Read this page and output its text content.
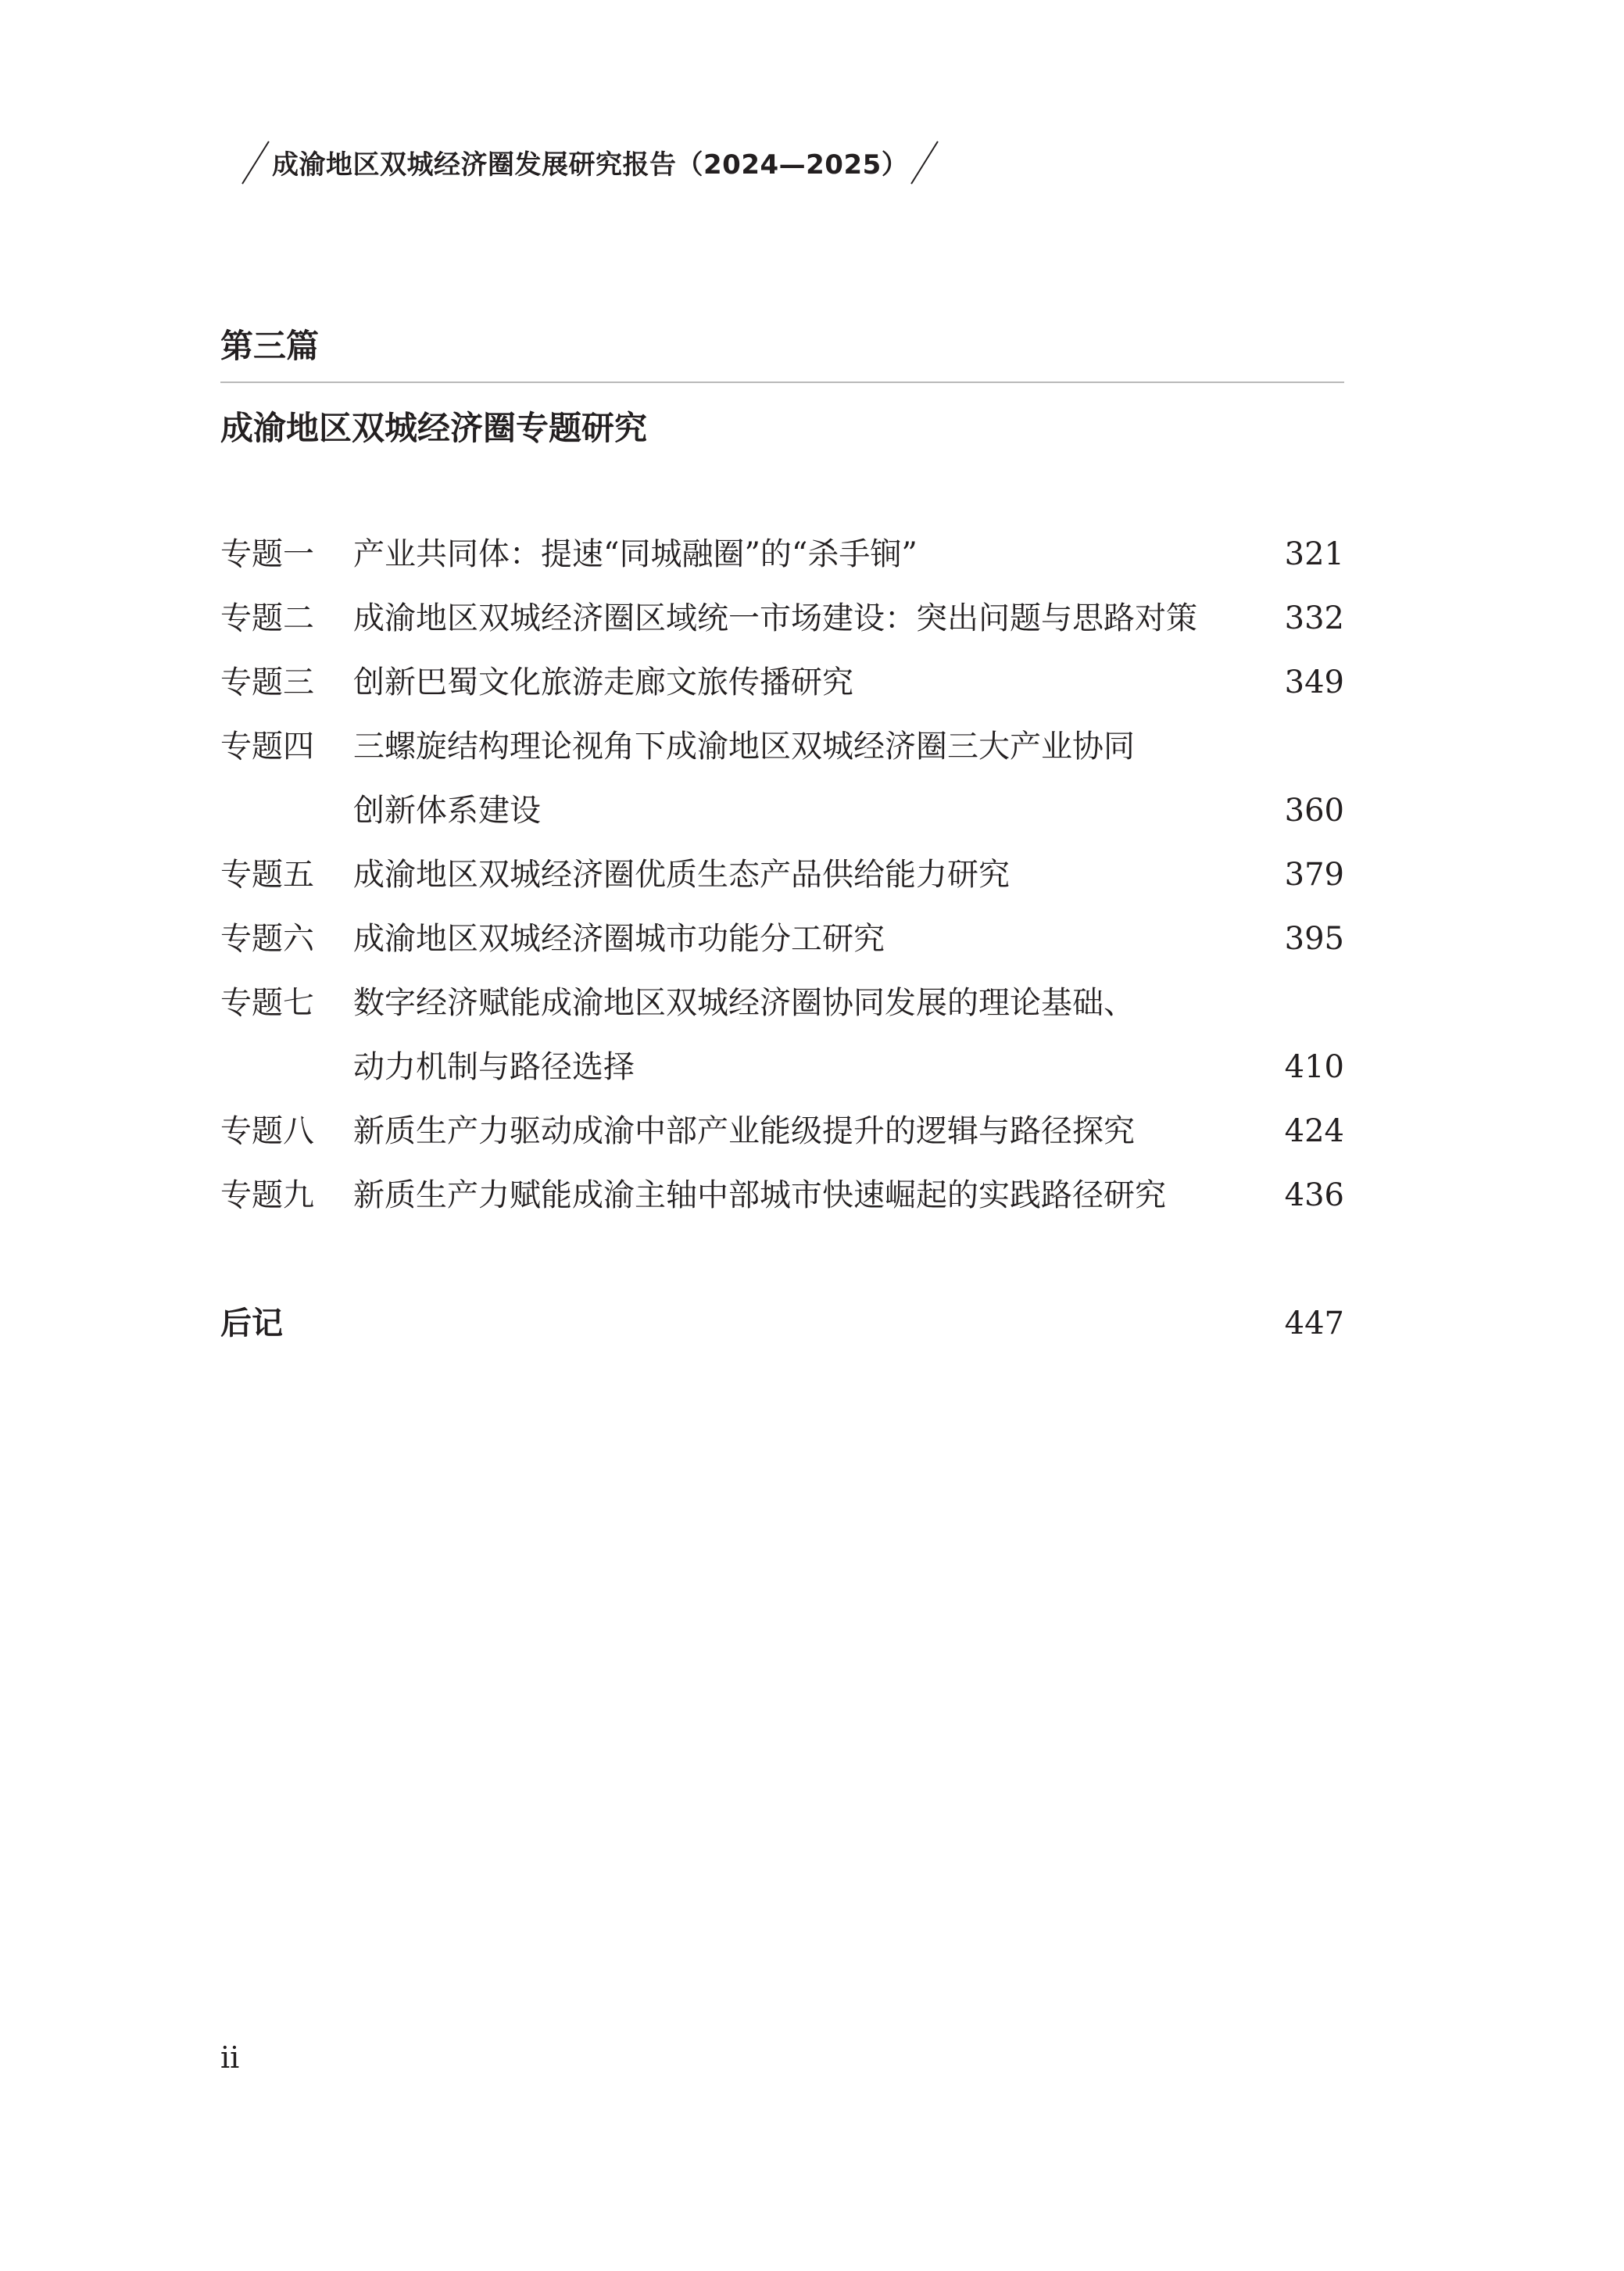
成渝地区双城经济圈发展研究报告（2024—2025）
第三篇
成渝地区双城经济圈专题研究
专题一 产业共同体：提速“同城融圈”的“杀手锏”	321
专题二 成渝地区双城经济圈区域统一市场建设：突出问题与思路对策	332
专题三 创新巴蜀文化旅游走廊文旅传播研究	349
专题四 三螺旋结构理论视角下成渝地区双城经济圈三大产业协同
创新体系建设	360
专题五 成渝地区双城经济圈优质生态产品供给能力研究	379
专题六 成渝地区双城经济圈城市功能分工研究	395
专题七 数字经济赋能成渝地区双城经济圈协同发展的理论基础、
动力机制与路径选择	410
专题八 新质生产力驱动成渝中部产业能级提升的逻辑与路径探究	424
专题九 新质生产力赋能成渝主轴中部城市快速崛起的实践路径研究	436
后记	447
ii
